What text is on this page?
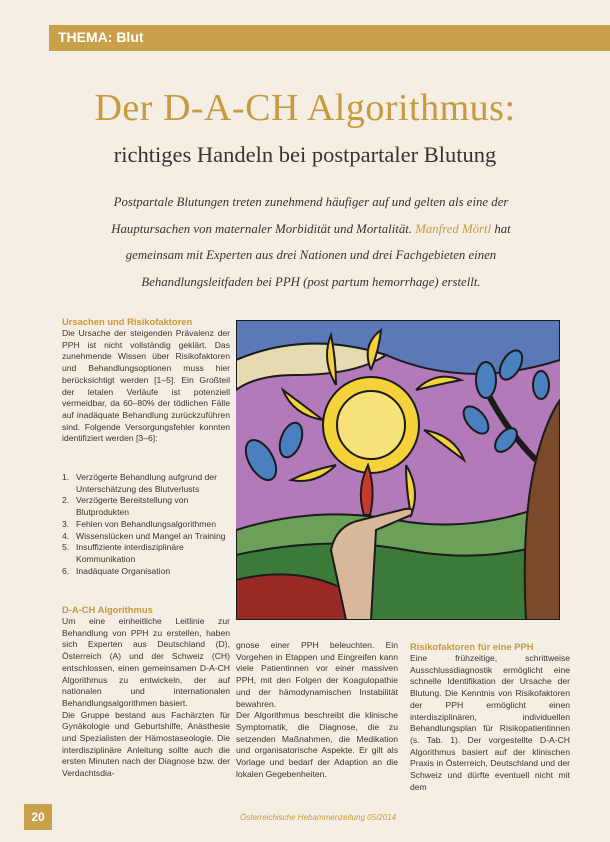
THEMA: Blut
Der D-A-CH Algorithmus:
richtiges Handeln bei postpartaler Blutung
Postpartale Blutungen treten zunehmend häufiger auf und gelten als eine der
Hauptursachen von maternaler Morbidität und Mortalität. Manfred Mörtl hat
gemeinsam mit Experten aus drei Nationen und drei Fachgebieten einen
Behandlungsleitfaden bei PPH (post partum hemorrhage) erstellt.
Ursachen und Risikofaktoren

Die Ursache der steigenden Prävalenz der PPH ist nicht vollständig geklärt. Das zunehmende Wissen über Risikofaktoren und Behandlungsoptionen muss hier berücksichtigt werden [1–5]. Ein Großteil der letalen Verläufe ist potenziell vermeidbar, da 60–80% der tödlichen Fälle auf inadäquate Behandlung zurückzuführen sind. Folgende Versorgungsfehler konnten identifiziert werden [3–6]:

1. Verzögerte Behandlung aufgrund der Unterschätzung des Blutverlusts
2. Verzögerte Bereitstellung von Blutprodukten
3. Fehlen von Behandlungsalgorithmen
4. Wissenslücken und Mangel an Training
5. Insuffiziente interdisziplinäre Kommunikation
6. Inadäquate Organisation
D-A-CH Algorithmus

Um eine einheitliche Leitlinie zur Behandlung von PPH zu erstellen, haben sich Experten aus Deutschland (D), Österreich (A) und der Schweiz (CH) entschlossen, einen gemeinsamen D-A-CH Algorithmus zu entwickeln, der auf nationalen und internationalen Behandlungsalgorithmen basiert.

Die Gruppe bestand aus Fachärzten für Gynäkologie und Geburtshilfe, Anästhesie und Spezialisten der Hämostaseologie. Die interdisziplinäre Anleitung sollte auch die ersten Minuten nach der Diagnose bzw. der Verdachtsdia-

gnose einer PPH beleuchten. Ein Vorgehen in Etappen und Eingreifen kann viele Patientinnen vor einer massiven PPH, mit den Folgen der Koagulopathie und der hämodynamischen Instabilität bewahren.

Der Algorithmus beschreibt die klinische Symptomatik, die Diagnose, die zu setzenden Maßnahmen, die Medikation und organisatorische Aspekte. Er gilt als Vorlage und bedarf der Adaption an die lokalen Gegebenheiten.

Risikofaktoren für eine PPH

Eine frühzeitige, schrittweise Ausschlussdiagnostik ermöglicht eine schnelle Identifikation der Ursache der Blutung. Die Kenntnis von Risikofaktoren der PPH ermöglicht einen interdisziplinären, individuellen Behandlungsplan für Risikopatientinnen (s. Tab. 1). Der vorgestellte D-A-CH Algorithmus basiert auf der klinischen Praxis in Österreich, Deutschland und der Schweiz und dürfte eventuell nicht mit dem

20	Österreichische Hebammenzeitung 05/2014
